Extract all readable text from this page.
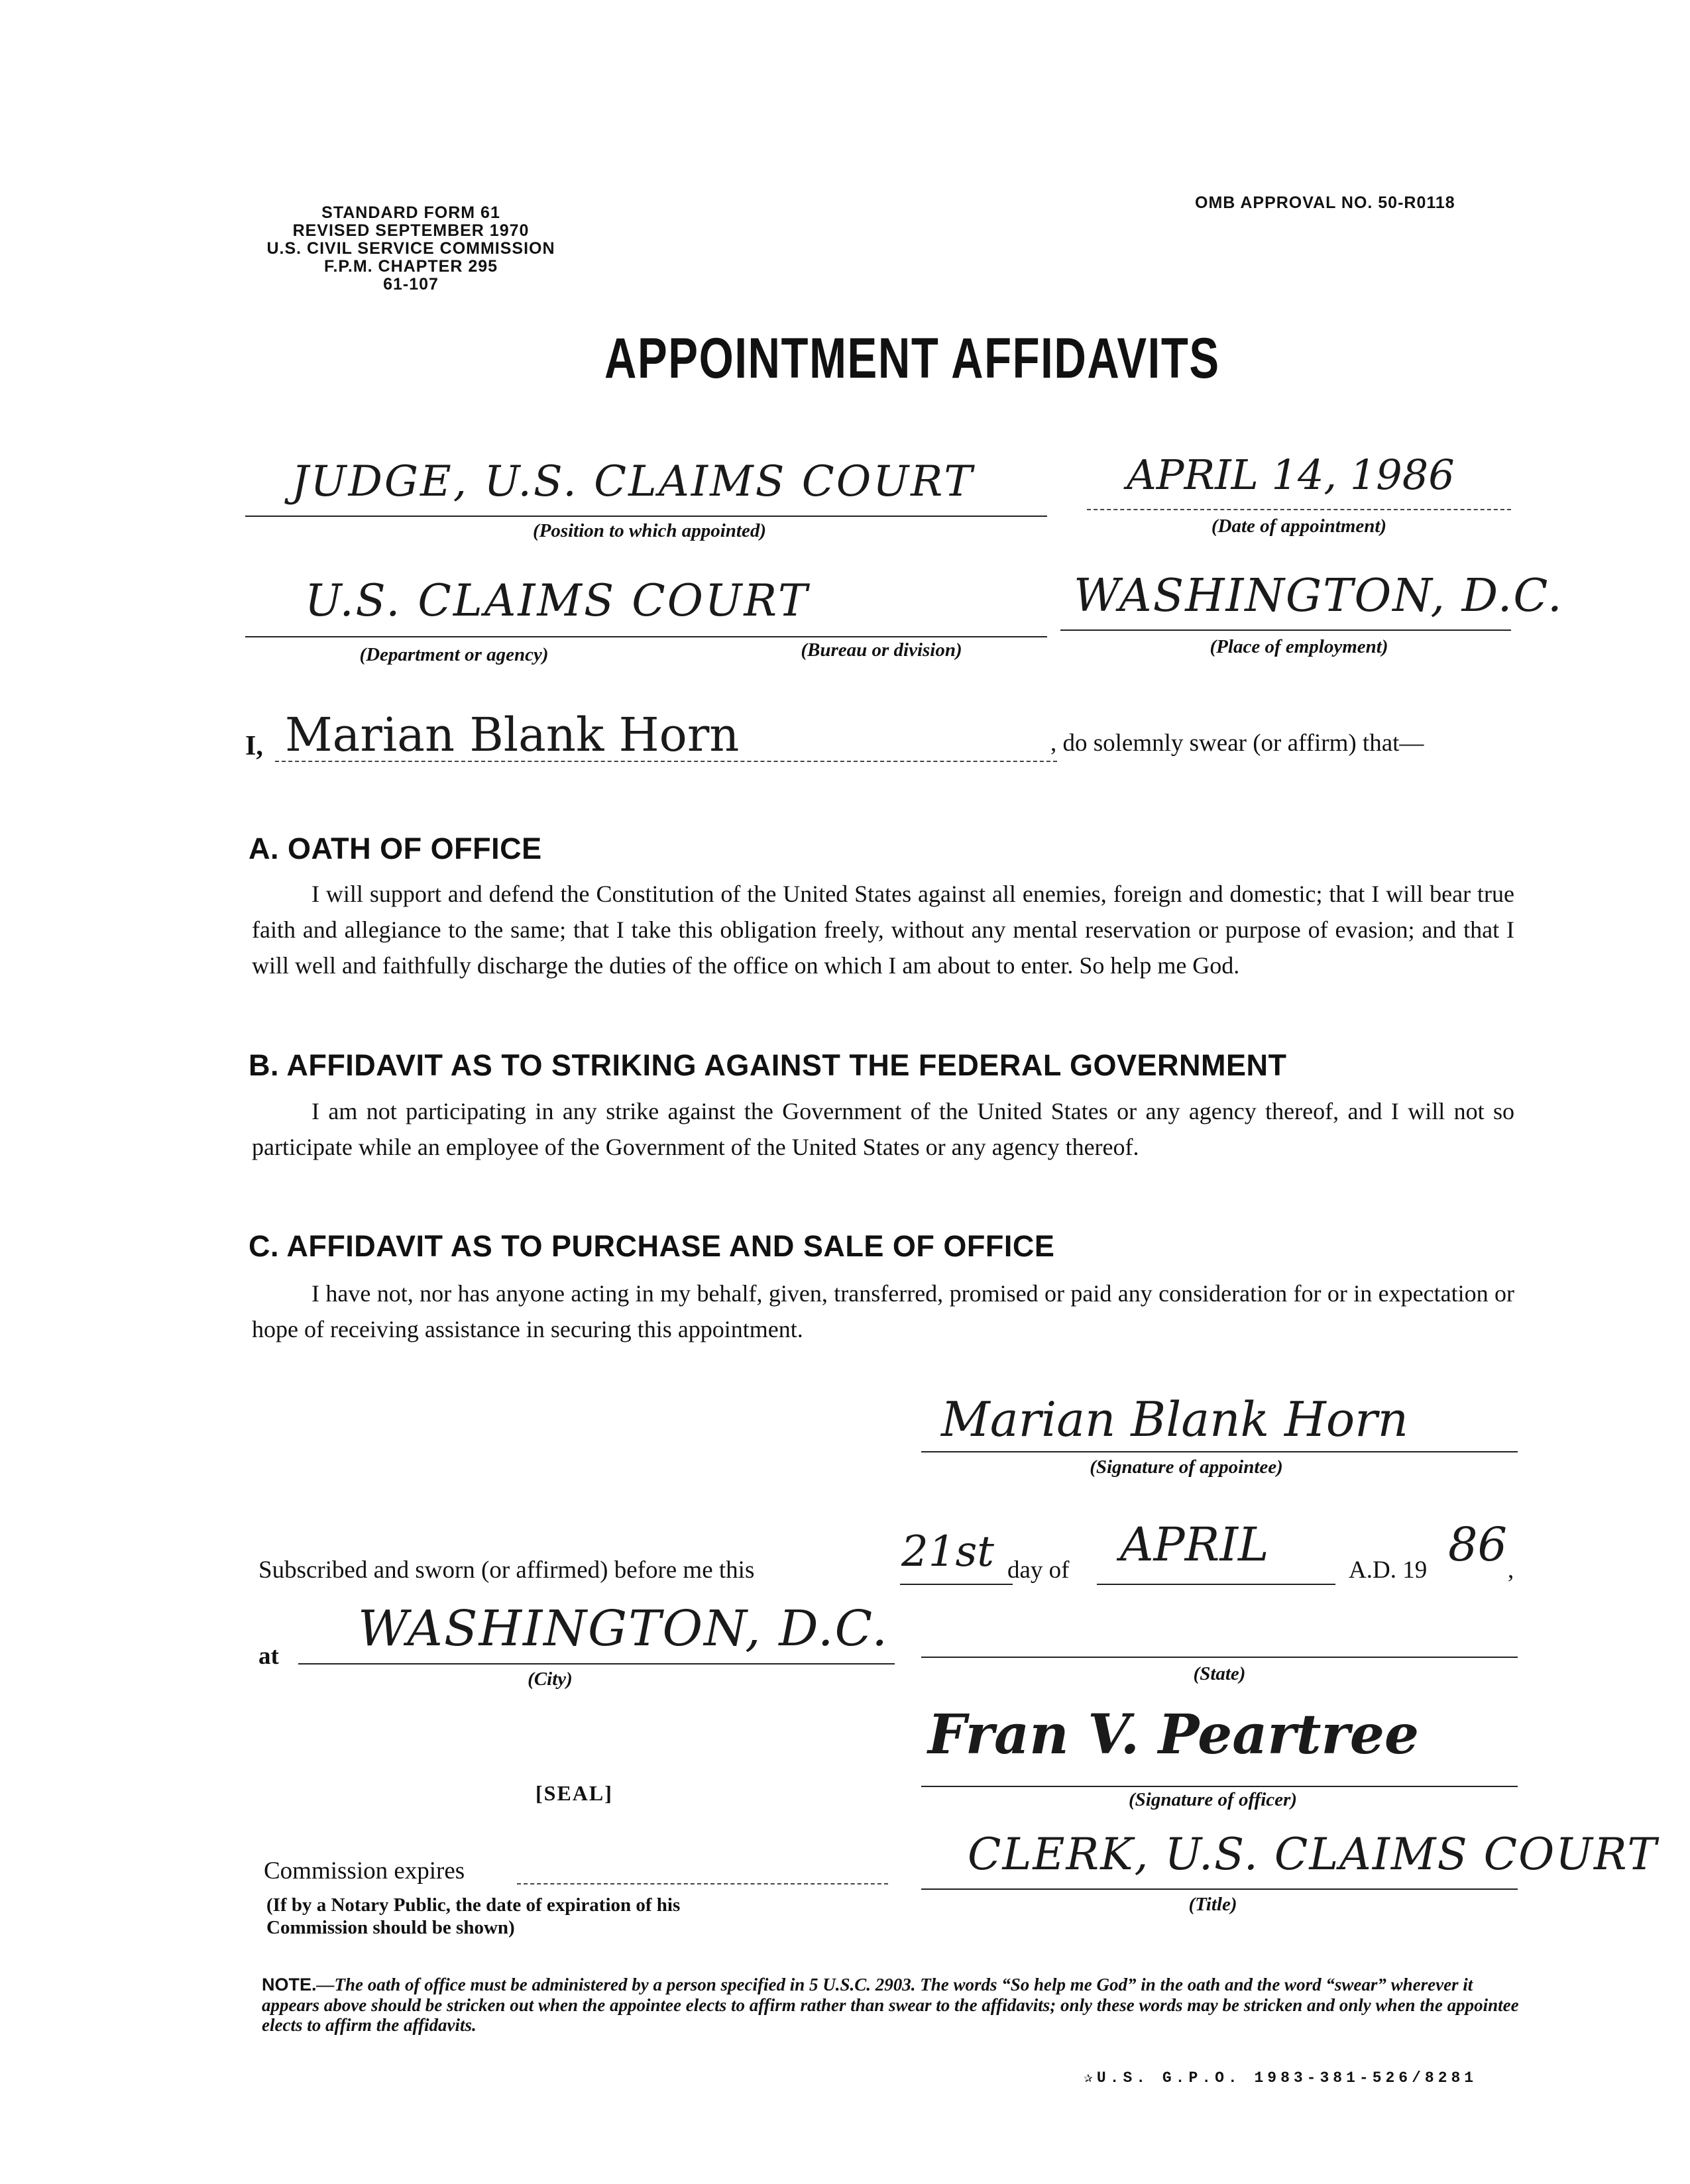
STANDARD FORM 61
REVISED SEPTEMBER 1970
U.S. CIVIL SERVICE COMMISSION
F.P.M. CHAPTER 295
61-107
OMB APPROVAL NO. 50-R0118
APPOINTMENT AFFIDAVITS
JUDGE, U.S. CLAIMS COURT
(Position to which appointed)
APRIL 14, 1986
(Date of appointment)
U.S. CLAIMS COURT
(Department or agency)	(Bureau or division)
WASHINGTON, D.C.
(Place of employment)
I, Marian Blank Horn	, do solemnly swear (or affirm) that—
A. OATH OF OFFICE
I will support and defend the Constitution of the United States against all enemies, foreign and domestic; that I will bear true faith and allegiance to the same; that I take this obligation freely, without any mental reservation or purpose of evasion; and that I will well and faithfully discharge the duties of the office on which I am about to enter. So help me God.
B. AFFIDAVIT AS TO STRIKING AGAINST THE FEDERAL GOVERNMENT
I am not participating in any strike against the Government of the United States or any agency thereof, and I will not so participate while an employee of the Government of the United States or any agency thereof.
C. AFFIDAVIT AS TO PURCHASE AND SALE OF OFFICE
I have not, nor has anyone acting in my behalf, given, transferred, promised or paid any consideration for or in expectation or hope of receiving assistance in securing this appointment.
Marian Blank Horn
(Signature of appointee)
Subscribed and sworn (or affirmed) before me this	21st day of APRIL	A.D. 19 86 ,
at WASHINGTON, D.C.
(City)	(State)
[SEAL]
Fran V. Peartree
(Signature of officer)
CLERK, U.S. CLAIMS COURT
(Title)
Commission expires
(If by a Notary Public, the date of expiration of his Commission should be shown)
NOTE.—The oath of office must be administered by a person specified in 5 U.S.C. 2903. The words “So help me God” in the oath and the word “swear” wherever it appears above should be stricken out when the appointee elects to affirm rather than swear to the affidavits; only these words may be stricken and only when the appointee elects to affirm the affidavits.
✰U.S. G.P.O. 1983-381-526/8281
